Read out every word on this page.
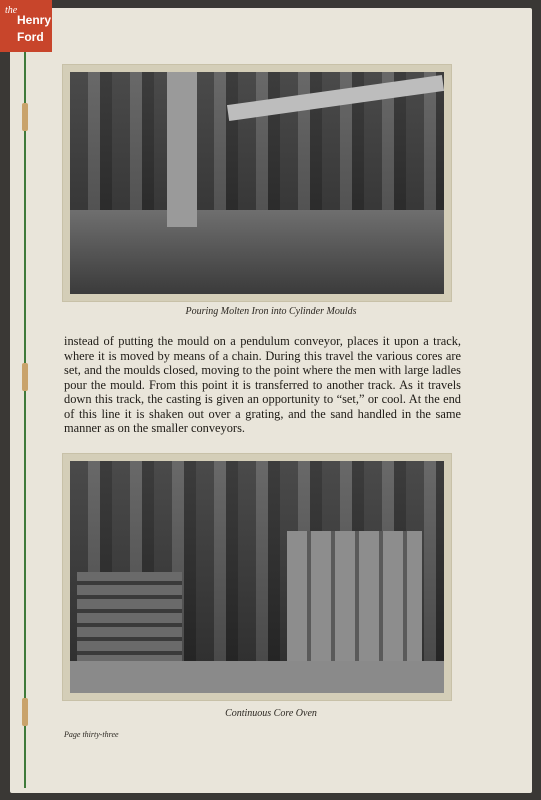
Pouring Molten Iron into Cylinder Moulds
instead of putting the mould on a pendulum conveyor, places it upon a track, where it is moved by means of a chain. During this travel the various cores are set, and the moulds closed, moving to the point where the men with large ladles pour the mould. From this point it is transferred to another track. As it travels down this track, the casting is given an opportunity to “set,” or cool. At the end of this line it is shaken out over a grating, and the sand handled in the same manner as on the smaller conveyors.
Continuous Core Oven
Page thirty-three
the
Henry
Ford
